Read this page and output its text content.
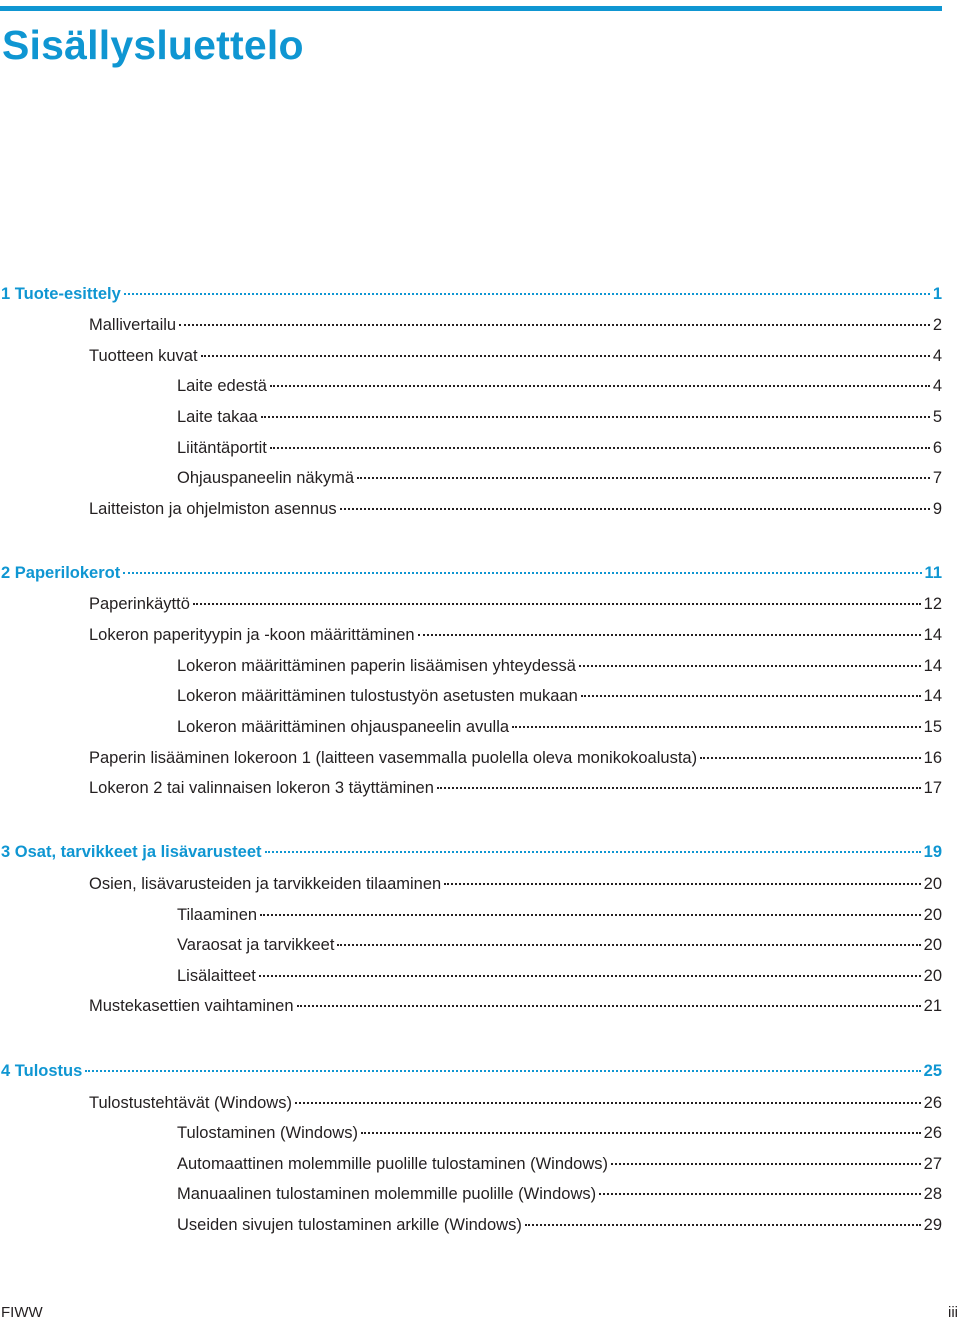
Sisällysluettelo
1 Tuote-esittely	1
Mallivertailu	2
Tuotteen kuvat	4
Laite edestä	4
Laite takaa	5
Liitäntäportit	6
Ohjauspaneelin näkymä	7
Laitteiston ja ohjelmiston asennus	9
2 Paperilokerot	11
Paperinkäyttö	12
Lokeron paperityypin ja -koon määrittäminen	14
Lokeron määrittäminen paperin lisäämisen yhteydessä	14
Lokeron määrittäminen tulostustyön asetusten mukaan	14
Lokeron määrittäminen ohjauspaneelin avulla	15
Paperin lisääminen lokeroon 1 (laitteen vasemmalla puolella oleva monikokoalusta)	16
Lokeron 2 tai valinnaisen lokeron 3 täyttäminen	17
3 Osat, tarvikkeet ja lisävarusteet	19
Osien, lisävarusteiden ja tarvikkeiden tilaaminen	20
Tilaaminen	20
Varaosat ja tarvikkeet	20
Lisälaitteet	20
Mustekasettien vaihtaminen	21
4 Tulostus	25
Tulostustehtävät (Windows)	26
Tulostaminen (Windows)	26
Automaattinen molemmille puolille tulostaminen (Windows)	27
Manuaalinen tulostaminen molemmille puolille (Windows)	28
Useiden sivujen tulostaminen arkille (Windows)	29
FIWW	iii
